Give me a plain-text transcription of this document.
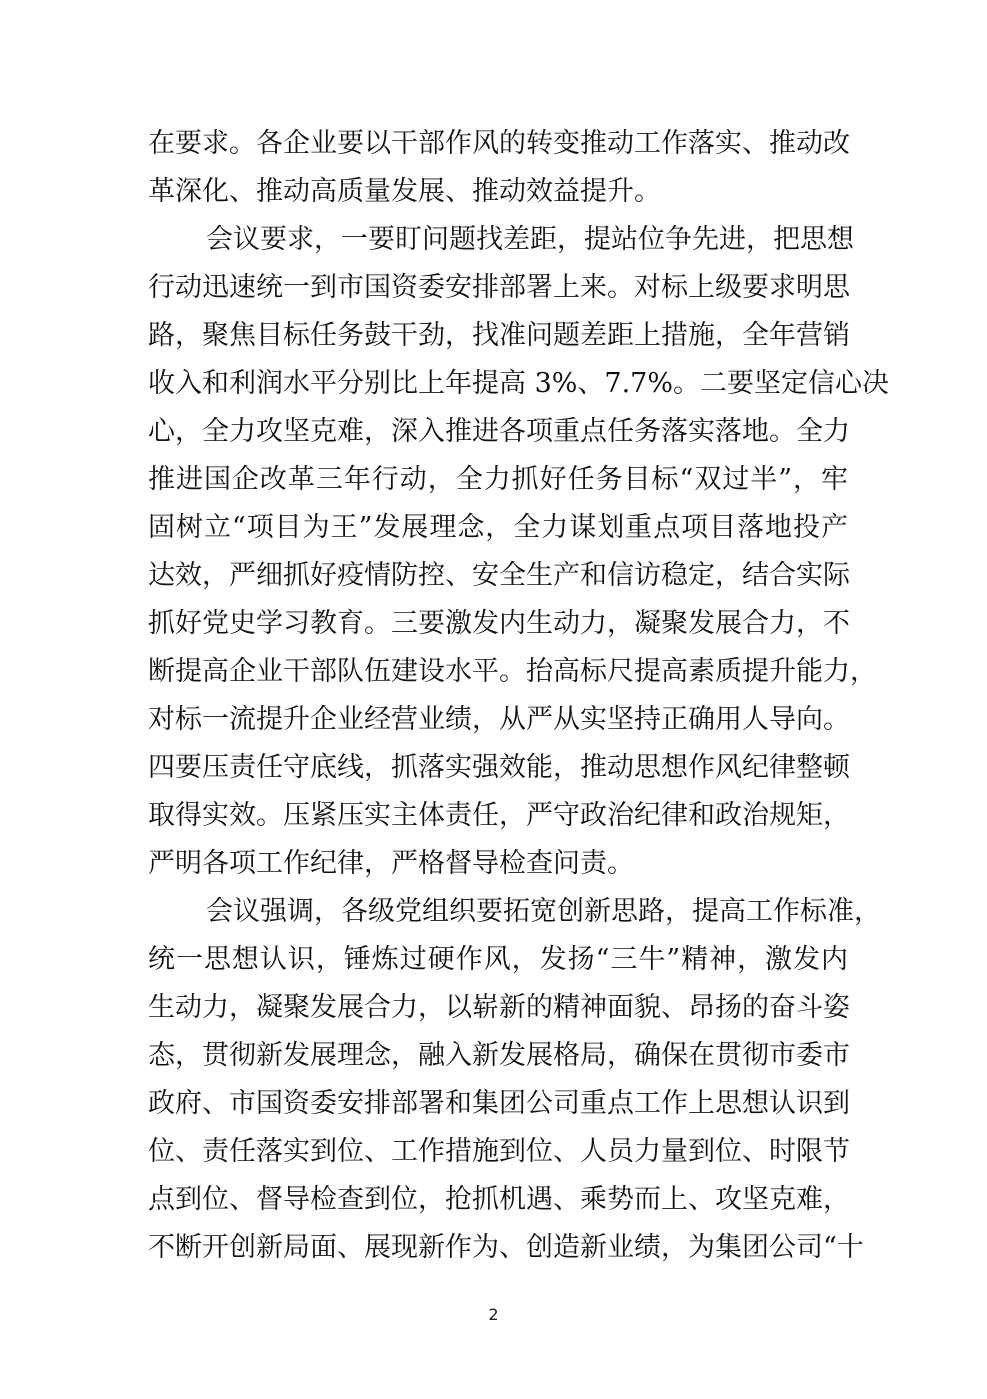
在要求。各企业要以干部作风的转变推动工作落实、推动改
革深化、推动高质量发展、推动效益提升。
会议要求，一要盯问题找差距，提站位争先进，把思想
行动迅速统一到市国资委安排部署上来。对标上级要求明思
路，聚焦目标任务鼓干劲，找准问题差距上措施，全年营销
收入和利润水平分别比上年提高 3%、7.7%。二要坚定信心决
心，全力攻坚克难，深入推进各项重点任务落实落地。全力
推进国企改革三年行动，全力抓好任务目标“双过半”，牢
固树立“项目为王”发展理念，全力谋划重点项目落地投产
达效，严细抓好疫情防控、安全生产和信访稳定，结合实际
抓好党史学习教育。三要激发内生动力，凝聚发展合力，不
断提高企业干部队伍建设水平。抬高标尺提高素质提升能力，
对标一流提升企业经营业绩，从严从实坚持正确用人导向。
四要压责任守底线，抓落实强效能，推动思想作风纪律整顿
取得实效。压紧压实主体责任，严守政治纪律和政治规矩，
严明各项工作纪律，严格督导检查问责。
会议强调，各级党组织要拓宽创新思路，提高工作标准，
统一思想认识，锤炼过硬作风，发扬“三牛”精神，激发内
生动力，凝聚发展合力，以崭新的精神面貌、昂扬的奋斗姿
态，贯彻新发展理念，融入新发展格局，确保在贯彻市委市
政府、市国资委安排部署和集团公司重点工作上思想认识到
位、责任落实到位、工作措施到位、人员力量到位、时限节
点到位、督导检查到位，抢抓机遇、乘势而上、攻坚克难，
不断开创新局面、展现新作为、创造新业绩，为集团公司“十
2
